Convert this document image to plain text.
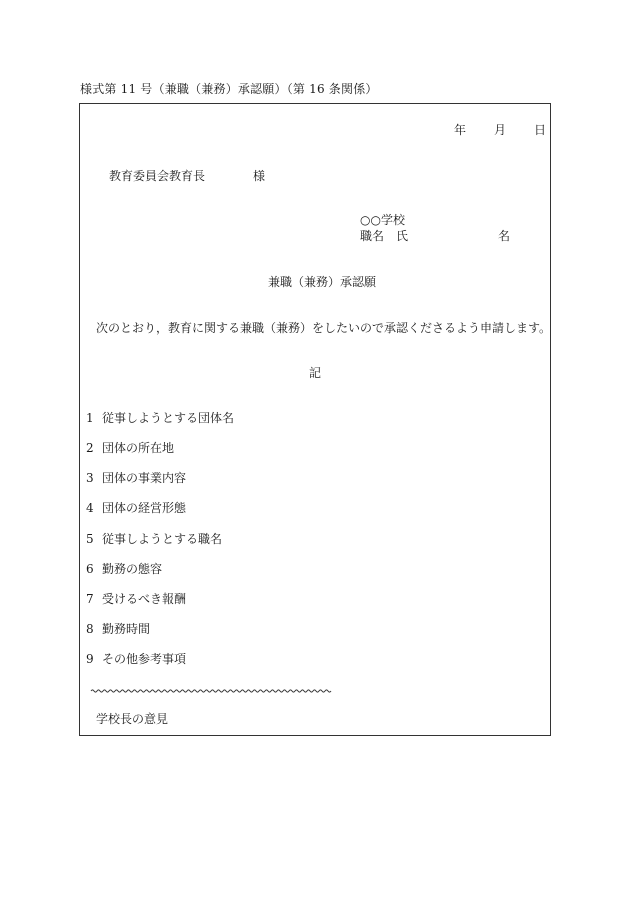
様式第 11 号（兼職（兼務）承認願）（第 16 条関係）
年 月 日
教育委員会教育長	様
○○学校
職名 氏	名
兼職（兼務）承認願
次のとおり，教育に関する兼職（兼務）をしたいので承認くださるよう申請します。
記
1 従事しようとする団体名
2 団体の所在地
3 団体の事業内容
4 団体の経営形態
5 従事しようとする職名
6 勤務の態容
7 受けるべき報酬
8 勤務時間
9 その他参考事項
学校長の意見
